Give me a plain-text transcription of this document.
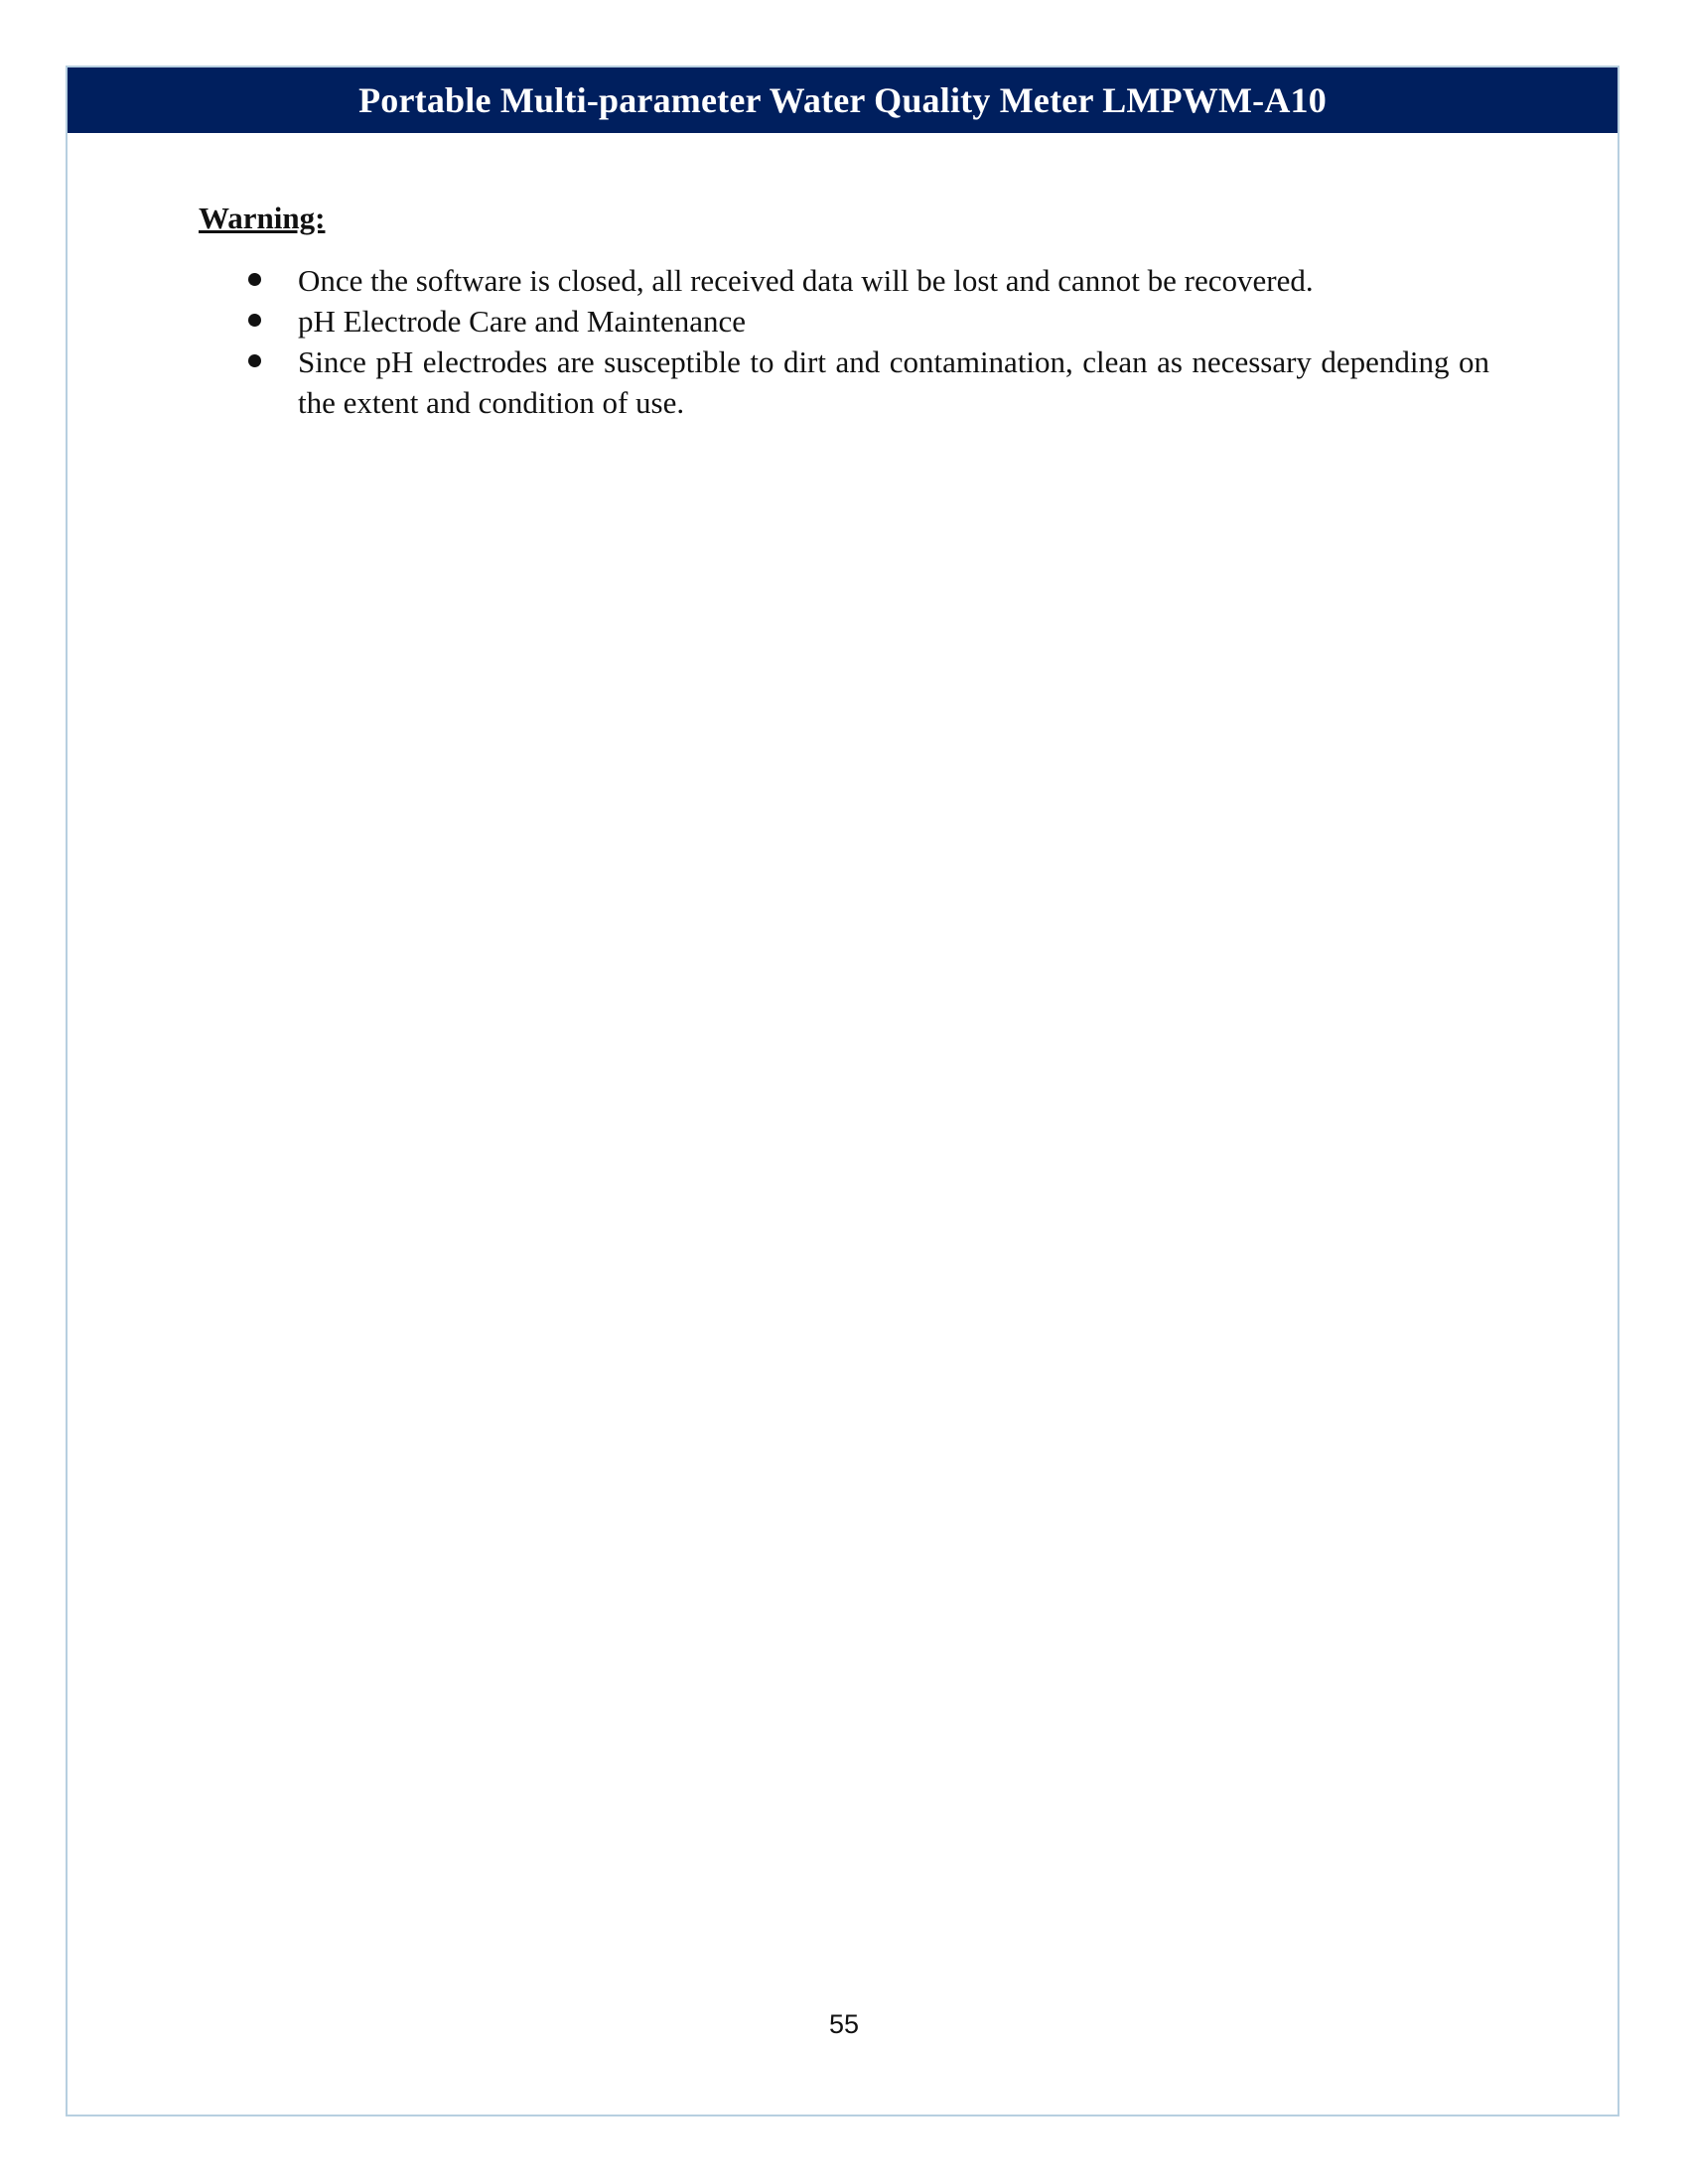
Portable Multi-parameter Water Quality Meter LMPWM-A10
Warning:
Once the software is closed, all received data will be lost and cannot be recovered.
pH Electrode Care and Maintenance
Since pH electrodes are susceptible to dirt and contamination, clean as necessary depending on the extent and condition of use.
55
